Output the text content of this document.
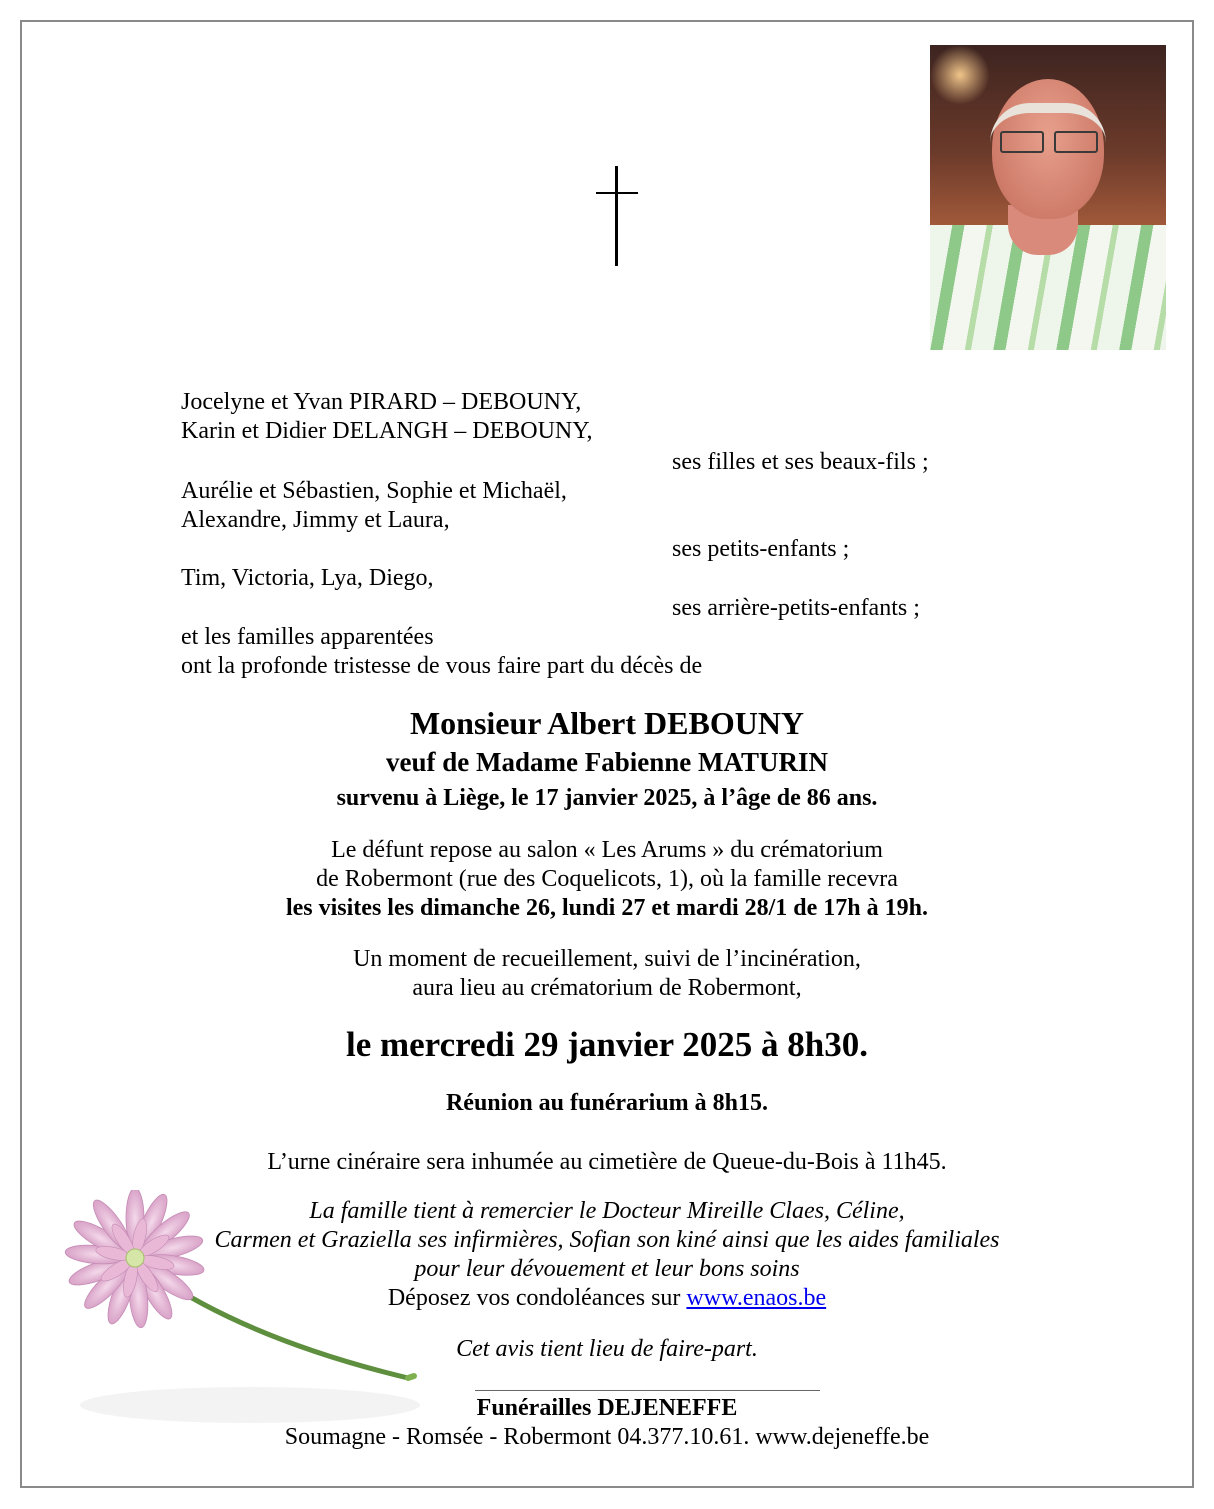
Jocelyne et Yvan PIRARD – DEBOUNY,
Karin et Didier DELANGH – DEBOUNY,
ses filles et ses beaux-fils ;
Aurélie et Sébastien, Sophie et Michaël,
Alexandre, Jimmy et Laura,
ses petits-enfants ;
Tim, Victoria, Lya, Diego,
ses arrière-petits-enfants ;
et les familles apparentées
ont la profonde tristesse de vous faire part du décès de
Monsieur Albert DEBOUNY
veuf de Madame Fabienne MATURIN
survenu à Liège, le 17 janvier 2025, à l’âge de 86 ans.
Le défunt repose au salon « Les Arums » du crématorium
de Robermont (rue des Coquelicots, 1), où la famille recevra
les visites les dimanche 26, lundi 27 et mardi 28/1 de 17h à 19h.
Un moment de recueillement, suivi de l’incinération,
aura lieu au crématorium de Robermont,
le mercredi 29 janvier 2025 à 8h30.
Réunion au funérarium à 8h15.
L’urne cinéraire sera inhumée au cimetière de Queue-du-Bois à 11h45.
La famille tient à remercier le Docteur Mireille Claes, Céline,
Carmen et Graziella ses infirmières, Sofian son kiné ainsi que les aides familiales
pour leur dévouement et leur bons soins
Déposez vos condoléances sur www.enaos.be
Cet avis tient lieu de faire-part.
Funérailles DEJENEFFE
Soumagne - Romsée - Robermont 04.377.10.61. www.dejeneffe.be
